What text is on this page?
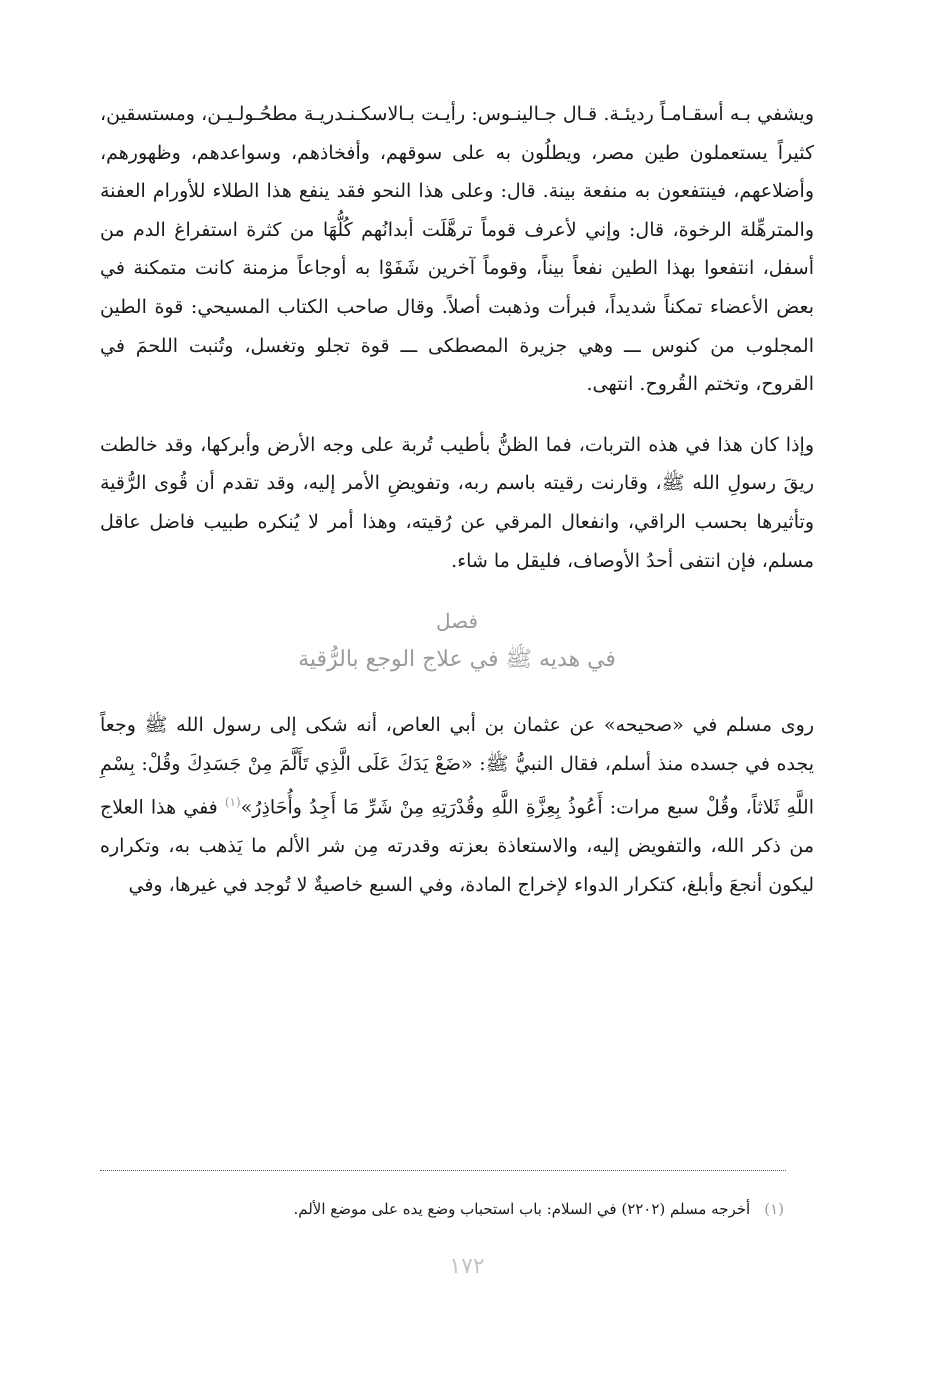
ويشفي بـه أسقـامـاً رديئـة. قـال جـالينـوس: رأيـت بـالاسكـنـدريـة مطحُـولـيـن، ومستسقين، كثيراً يستعملون طين مصر، ويطلُون به على سوقهم، وأفخاذهم، وسواعدهم، وظهورهم، وأضلاعهم، فينتفعون به منفعة بينة. قال: وعلى هذا النحو فقد ينفع هذا الطلاء للأورام العفنة والمترهِّلة الرخوة، قال: وإني لأعرف قوماً ترهَّلَت أبدانُهم كُلُّهَا من كثرة استفراغ الدم من أسفل، انتفعوا بهذا الطين نفعاً بيناً، وقوماً آخرين شَفَوْا به أوجاعاً مزمنة كانت متمكنة في بعض الأعضاء تمكناً شديداً، فبرأت وذهبت أصلاً. وقال صاحب الكتاب المسيحي: قوة الطين المجلوب من كنوس ـــ وهي جزيرة المصطكى ـــ قوة تجلو وتغسل، وتُنبت اللحمَ في القروح، وتختم القُروح. انتهى.

وإذا كان هذا في هذه التربات، فما الظنُّ بأطيب تُربة على وجه الأرض وأبركها، وقد خالطت ريقَ رسولِ الله ﷺ، وقارنت رقيته باسم ربه، وتفويضِ الأمر إليه، وقد تقدم أن قُوى الرُّقية وتأثيرها بحسب الراقي، وانفعال المرقي عن رُقيته، وهذا أمر لا يُنكره طبيب فاضل عاقل مسلم، فإن انتفى أحدُ الأوصاف، فليقل ما شاء.

فصل
في هديه ﷺ في علاج الوجع بالرُّقية

روى مسلم في «صحيحه» عن عثمان بن أبي العاص، أنه شكى إلى رسول الله ﷺ وجعاً يجده في جسده منذ أسلم، فقال النبيُّ ﷺ: «ضَعْ يَدَكَ عَلَى الَّذِي تَأَلَّمَ مِنْ جَسَدِكَ وقُلْ: بِسْمِ اللَّهِ ثَلاثاً، وقُلْ سبع مرات: أَعُوذُ بِعِزَّةِ اللَّهِ وقُدْرَتِهِ مِنْ شَرِّ مَا أَجِدُ وأُحَاذِرُ»$^{(١)}$ ففي هذا العلاج من ذكر الله، والتفويض إليه، والاستعاذة بعزته وقدرته مِن شر الألم ما يَذهب به، وتكراره ليكون أنجعَ وأبلغ، كتكرار الدواء لإخراج المادة، وفي السبع خاصيةٌ لا تُوجد في غيرها، وفي

(١)أخرجه مسلم (٢٢٠٢) في السلام: باب استحباب وضع يده على موضع الألم.
١٧٢
